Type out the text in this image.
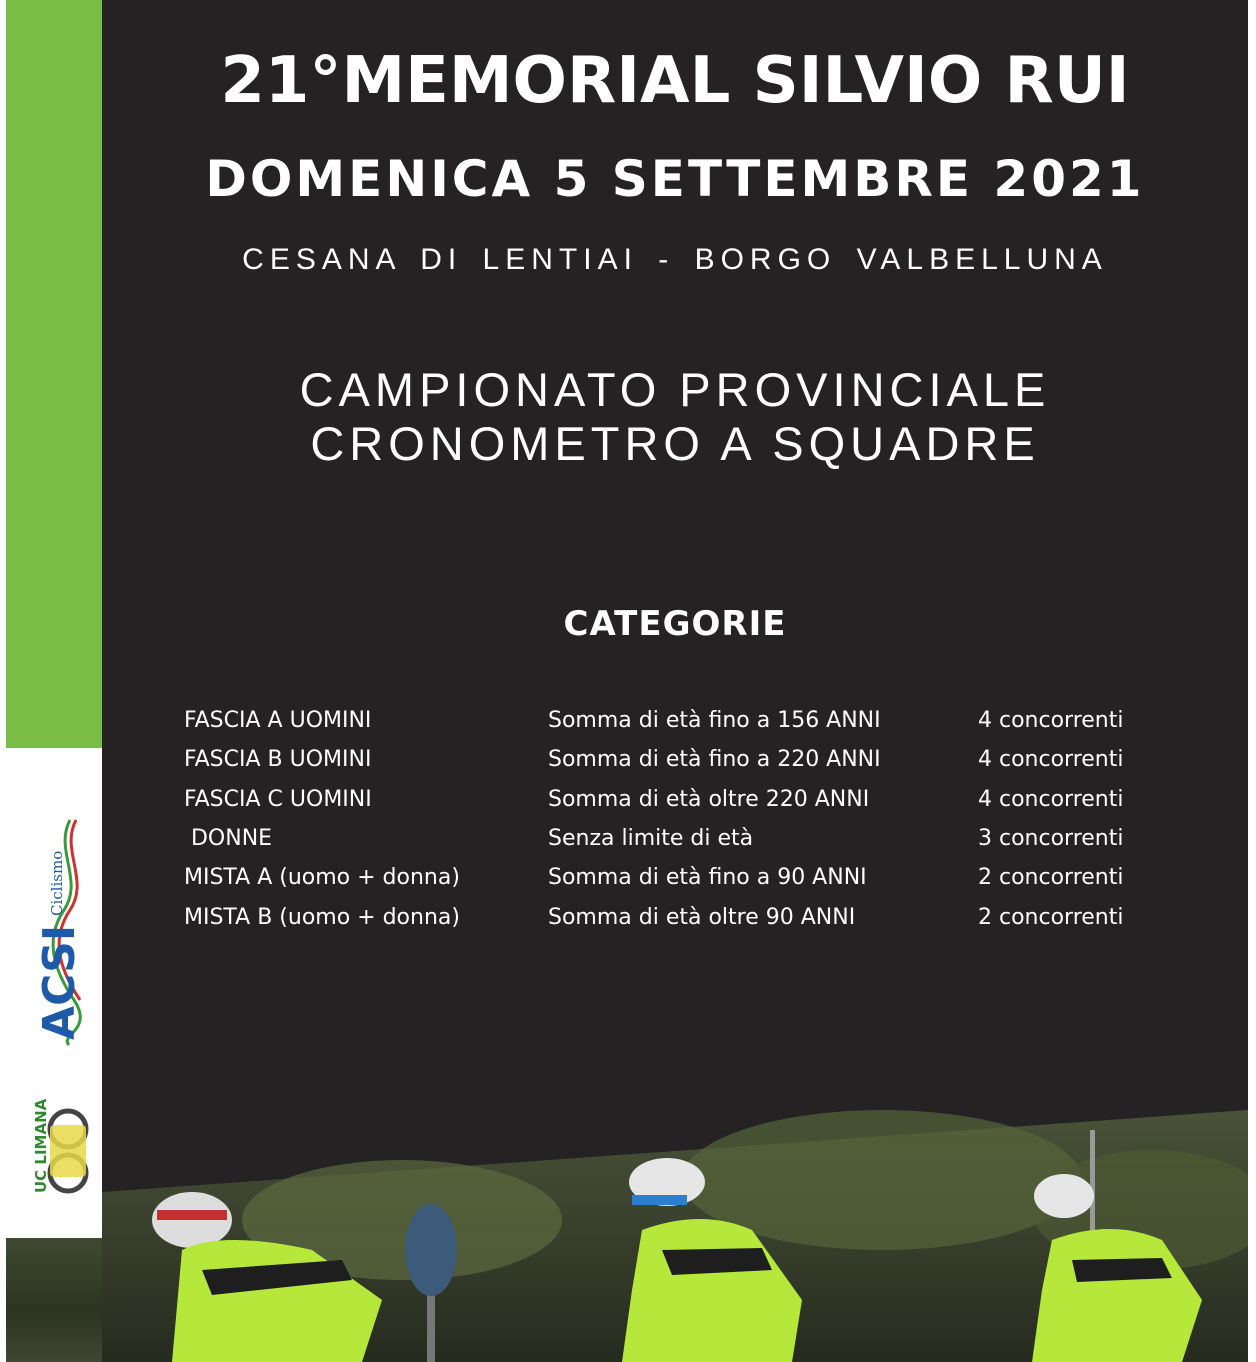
21°MEMORIAL SILVIO RUI
DOMENICA 5 SETTEMBRE 2021
CESANA DI LENTIAI - BORGO VALBELLUNA
CAMPIONATO PROVINCIALE
CRONOMETRO A SQUADRE
CATEGORIE
FASCIA A UOMINI	Somma di età fino a 156 ANNI	4 concorrenti
FASCIA B UOMINI	Somma di età fino a 220 ANNI	4 concorrenti
FASCIA C UOMINI	Somma di età oltre 220 ANNI	4 concorrenti
DONNE	Senza limite di età	3 concorrenti
MISTA A (uomo + donna)	Somma di età fino a 90 ANNI	2 concorrenti
MISTA B (uomo + donna)	Somma di età oltre 90 ANNI	2 concorrenti
ACSI
Ciclismo
UC LIMANA
